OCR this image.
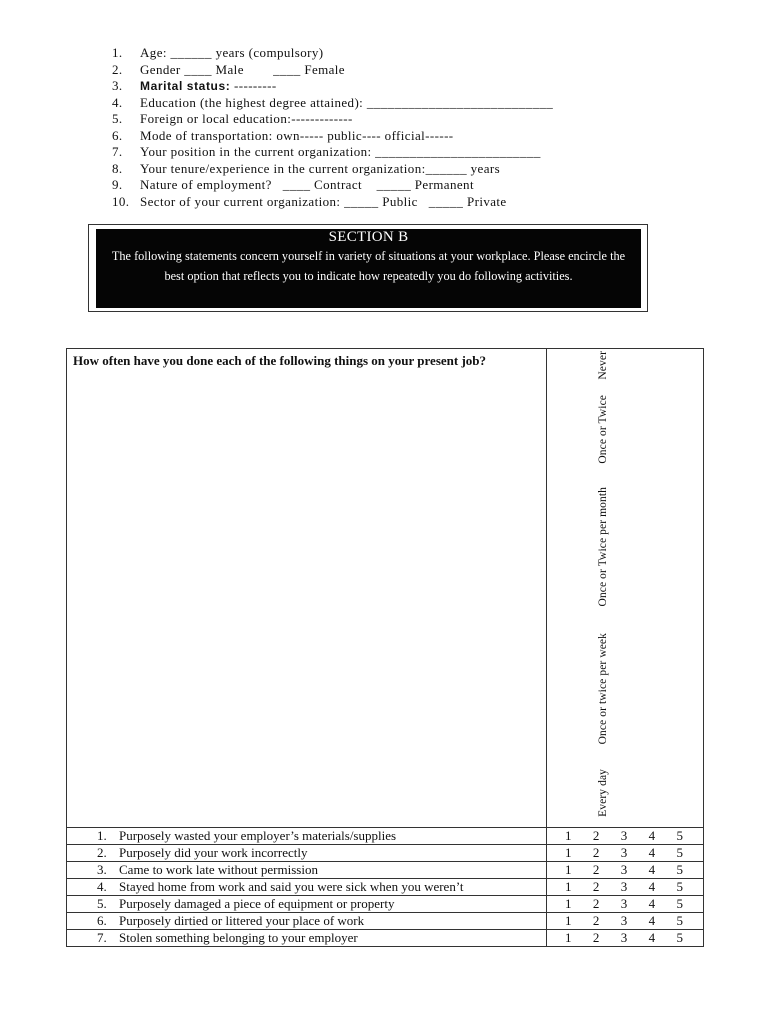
1.	Age: ______ years (compulsory)
2.	Gender ____ Male        ____ Female
3.	Marital status: ---------
4.	Education (the highest degree attained): ___________________________
5.	Foreign or local education:-------------
6.	Mode of transportation: own----- public---- official------
7.	Your position in the current organization: ________________________
8.	Your tenure/experience in the current organization:______ years
9.	Nature of employment?   ____ Contract    _____ Permanent
10. Sector of your current organization: _____ Public   _____ Private
SECTION B
The following statements concern yourself in variety of situations at your workplace. Please encircle the best option that reflects you to indicate how repeatedly you do following activities.
How often have you done each of the following things on your present job?	Never
Once or Twice
Once or Twice per month
Once or twice per week
Every day

1. Purposely wasted your employer’s materials/supplies	1 2 3 4 5

2. Purposely did your work incorrectly	1 2 3 4 5

3. Came to work late without permission	1 2 3 4 5

4. Stayed home from work and said you were sick when you weren’t	1 2 3 4 5

5. Purposely damaged a piece of equipment or property	1 2 3 4 5

6. Purposely dirtied or littered your place of work	1 2 3 4 5

7. Stolen something belonging to your employer	1 2 3 4 5
